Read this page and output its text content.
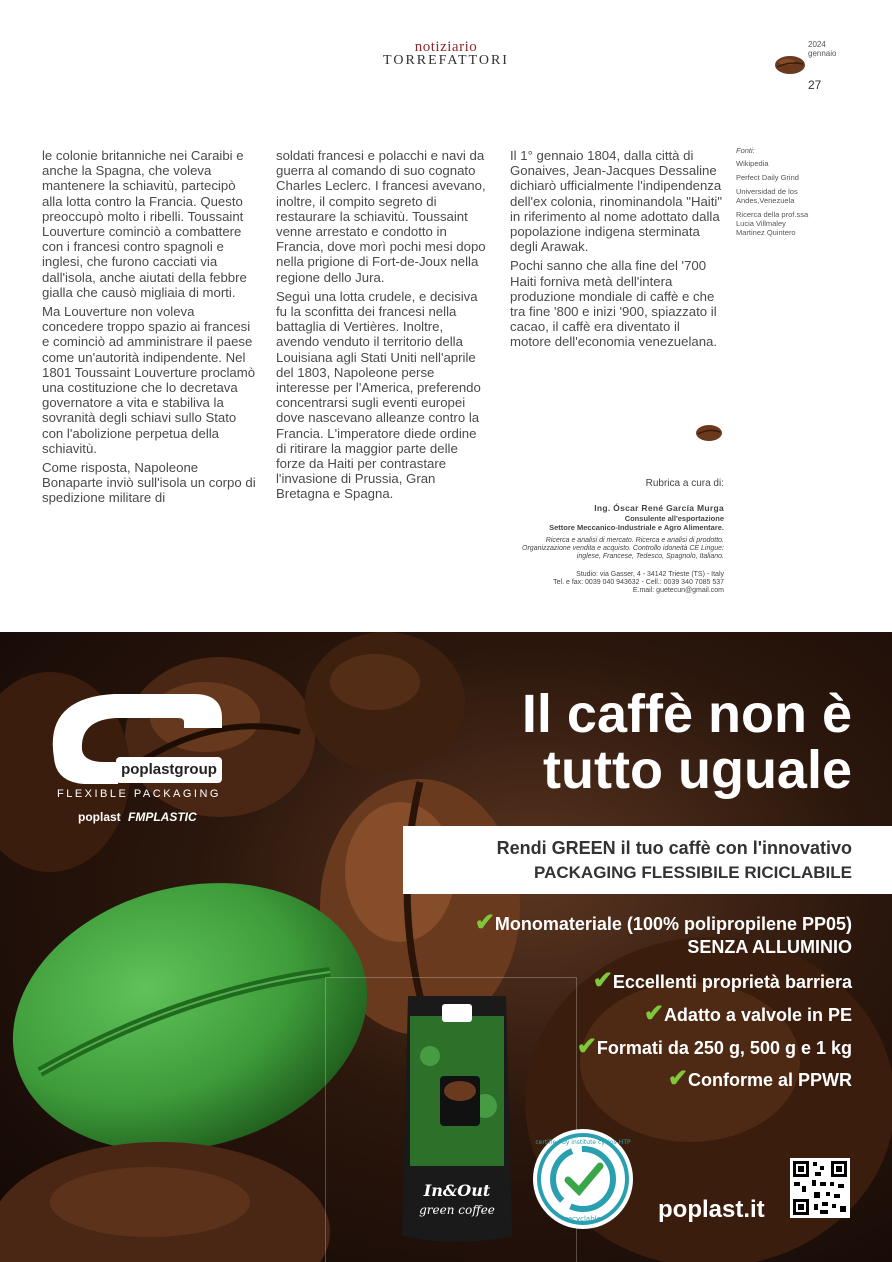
notiziario
TORREFATTORI
2024
gennaio
27

le colonie britanniche nei Caraibi e anche la Spagna, che voleva mantenere la schiavitù, partecipò alla lotta contro la Francia. Questo preoccupò molto i ribelli. Toussaint Louverture cominciò a combattere con i francesi contro spagnoli e inglesi, che furono cacciati via dall'isola, anche aiutati della febbre gialla che causò migliaia di morti.

Ma Louverture non voleva concedere troppo spazio ai francesi e cominciò ad amministrare il paese come un'autorità indipendente. Nel 1801 Toussaint Louverture proclamò una costituzione che lo decretava governatore a vita e stabiliva la sovranità degli schiavi sullo Stato con l'abolizione perpetua della schiavitù.

Come risposta, Napoleone Bonaparte inviò sull'isola un corpo di spedizione militare di

soldati francesi e polacchi e navi da guerra al comando di suo cognato Charles Leclerc. I francesi avevano, inoltre, il compito segreto di restaurare la schiavitù. Toussaint venne arrestato e condotto in Francia, dove morì pochi mesi dopo nella prigione di Fort-de-Joux nella regione dello Jura.

Seguì una lotta crudele, e decisiva fu la sconfitta dei francesi nella battaglia di Vertières. Inoltre, avendo venduto il territorio della Louisiana agli Stati Uniti nell'aprile del 1803, Napoleone perse interesse per l'America, preferendo concentrarsi sugli eventi europei dove nascevano alleanze contro la Francia. L'imperatore diede ordine di ritirare la maggior parte delle forze da Haiti per contrastare l'invasione di Prussia, Gran Bretagna e Spagna.

Il 1° gennaio 1804, dalla città di Gonaives, Jean-Jacques Dessaline dichiarò ufficialmente l'indipendenza dell'ex colonia, rinominandola "Haiti" in riferimento al nome adottato dalla popolazione indigena sterminata degli Arawak.

Pochi sanno che alla fine del '700 Haiti forniva metà dell'intera produzione mondiale di caffè e che tra fine '800 e inizi '900, spiazzato il cacao, il caffè era diventato il motore dell'economia venezuelana.

Fonti:
Wikipedia
Perfect Daily Grind
Universidad de los Andes,Venezuela
Ricerca della prof.ssa Lucia Villmaley Martinez Quintero
Rubrica a cura di:
Ing. Óscar René García Murga
Consulente all'esportazione
Settore Meccanico-Industriale e Agro Alimentare.
Ricerca e analisi di mercato. Ricerca e analisi di prodotto. Organizzazione vendita e acquisto. Controllo idoneità CE Lingue: inglese, Francese, Tedesco, Spagnolo, Italiano.
Studio: via Gasser, 4 - 34142 Trieste (TS) - Italy
Tel. e fax: 0039 040 943632 - Cell.: 0039 340 7085 537
E.mail: guetecun@gmail.com
poplastgroup
FLEXIBLE PACKAGING
poplast FMPLASTIC
Il caffè non è
tutto uguale
Rendi GREEN il tuo caffè con l'innovativo
PACKAGING FLESSIBILE RICICLABILE
✔Monomateriale (100% polipropilene PP05)
SENZA ALLUMINIO
✔Eccellenti proprietà barriera
✔Adatto a valvole in PE
✔Formati da 250 g, 500 g e 1 kg
✔Conforme al PPWR
In&Out
green coffee
certified by institute cyclos-HTP
recyclable poplast.it
